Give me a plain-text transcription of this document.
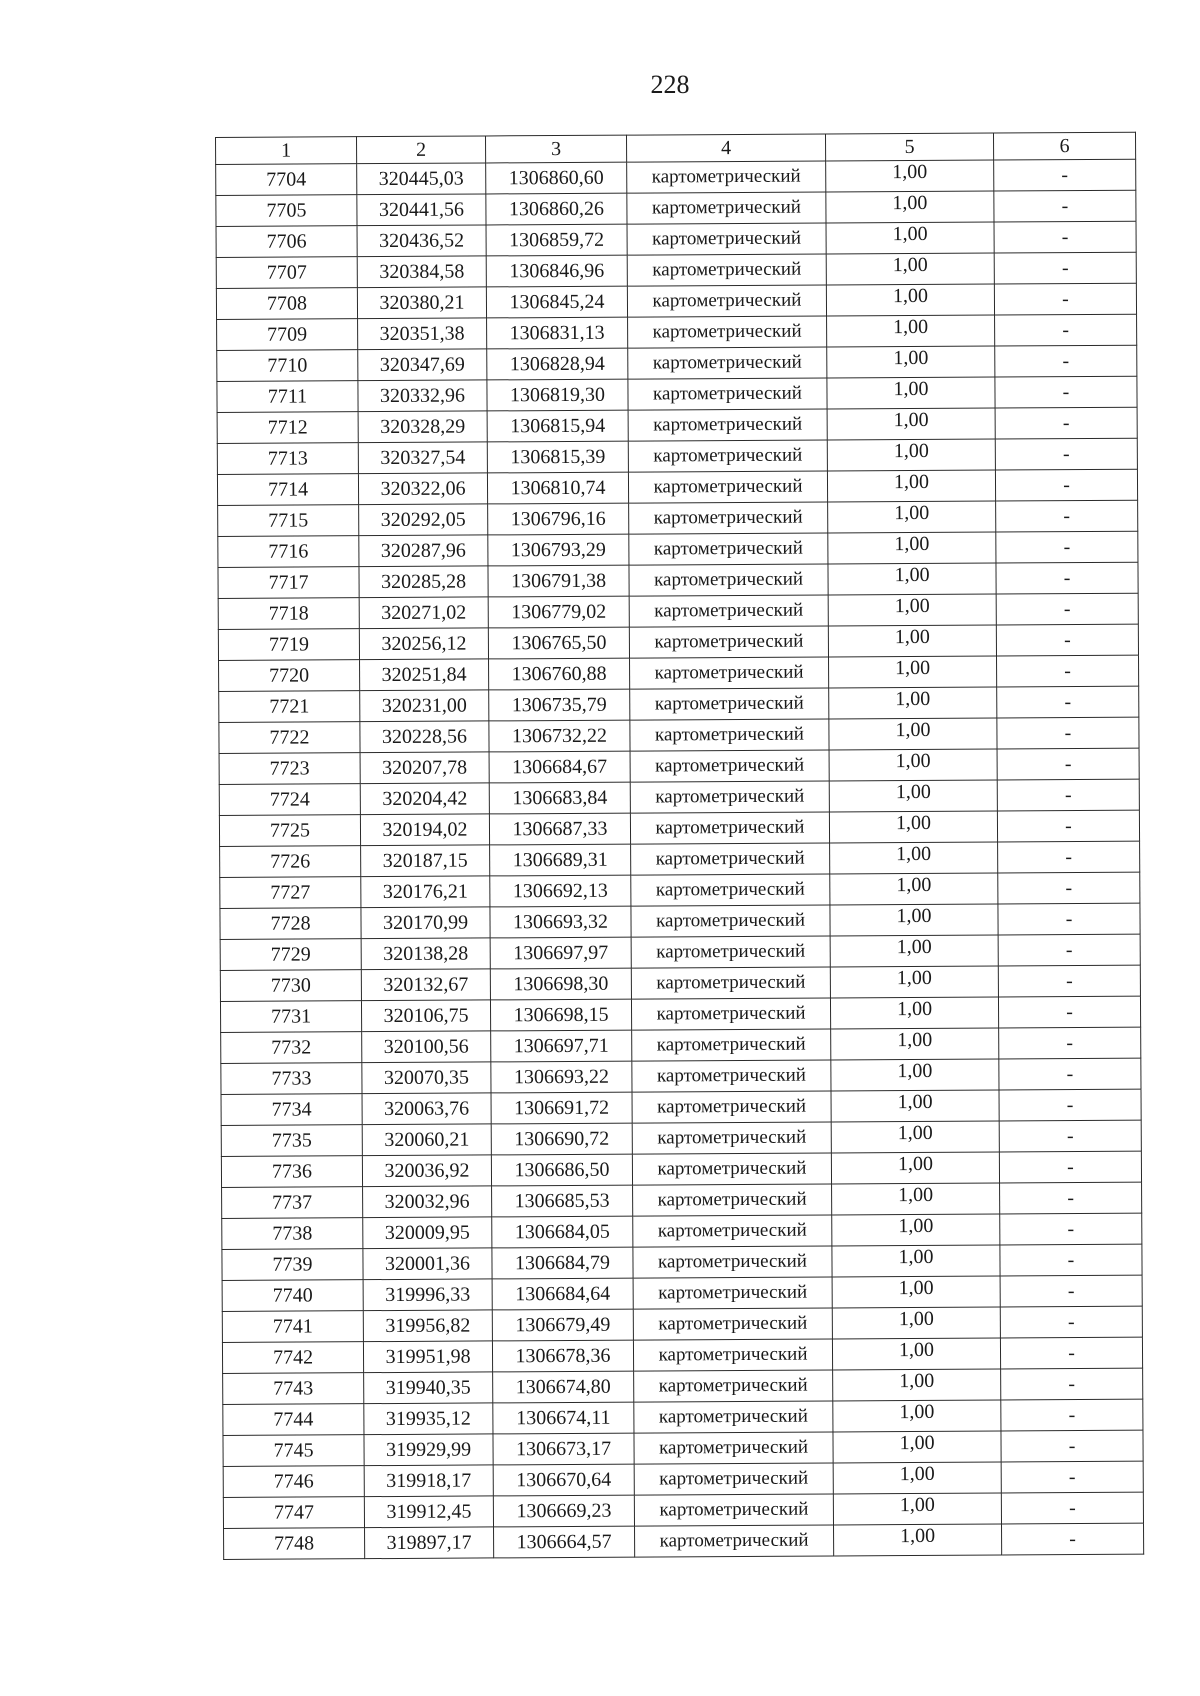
228
1	2	3	4	5	6
7704	320445,03	1306860,60	картометрический	1,00	-
7705	320441,56	1306860,26	картометрический	1,00	-
7706	320436,52	1306859,72	картометрический	1,00	-
7707	320384,58	1306846,96	картометрический	1,00	-
7708	320380,21	1306845,24	картометрический	1,00	-
7709	320351,38	1306831,13	картометрический	1,00	-
7710	320347,69	1306828,94	картометрический	1,00	-
7711	320332,96	1306819,30	картометрический	1,00	-
7712	320328,29	1306815,94	картометрический	1,00	-
7713	320327,54	1306815,39	картометрический	1,00	-
7714	320322,06	1306810,74	картометрический	1,00	-
7715	320292,05	1306796,16	картометрический	1,00	-
7716	320287,96	1306793,29	картометрический	1,00	-
7717	320285,28	1306791,38	картометрический	1,00	-
7718	320271,02	1306779,02	картометрический	1,00	-
7719	320256,12	1306765,50	картометрический	1,00	-
7720	320251,84	1306760,88	картометрический	1,00	-
7721	320231,00	1306735,79	картометрический	1,00	-
7722	320228,56	1306732,22	картометрический	1,00	-
7723	320207,78	1306684,67	картометрический	1,00	-
7724	320204,42	1306683,84	картометрический	1,00	-
7725	320194,02	1306687,33	картометрический	1,00	-
7726	320187,15	1306689,31	картометрический	1,00	-
7727	320176,21	1306692,13	картометрический	1,00	-
7728	320170,99	1306693,32	картометрический	1,00	-
7729	320138,28	1306697,97	картометрический	1,00	-
7730	320132,67	1306698,30	картометрический	1,00	-
7731	320106,75	1306698,15	картометрический	1,00	-
7732	320100,56	1306697,71	картометрический	1,00	-
7733	320070,35	1306693,22	картометрический	1,00	-
7734	320063,76	1306691,72	картометрический	1,00	-
7735	320060,21	1306690,72	картометрический	1,00	-
7736	320036,92	1306686,50	картометрический	1,00	-
7737	320032,96	1306685,53	картометрический	1,00	-
7738	320009,95	1306684,05	картометрический	1,00	-
7739	320001,36	1306684,79	картометрический	1,00	-
7740	319996,33	1306684,64	картометрический	1,00	-
7741	319956,82	1306679,49	картометрический	1,00	-
7742	319951,98	1306678,36	картометрический	1,00	-
7743	319940,35	1306674,80	картометрический	1,00	-
7744	319935,12	1306674,11	картометрический	1,00	-
7745	319929,99	1306673,17	картометрический	1,00	-
7746	319918,17	1306670,64	картометрический	1,00	-
7747	319912,45	1306669,23	картометрический	1,00	-
7748	319897,17	1306664,57	картометрический	1,00	-
